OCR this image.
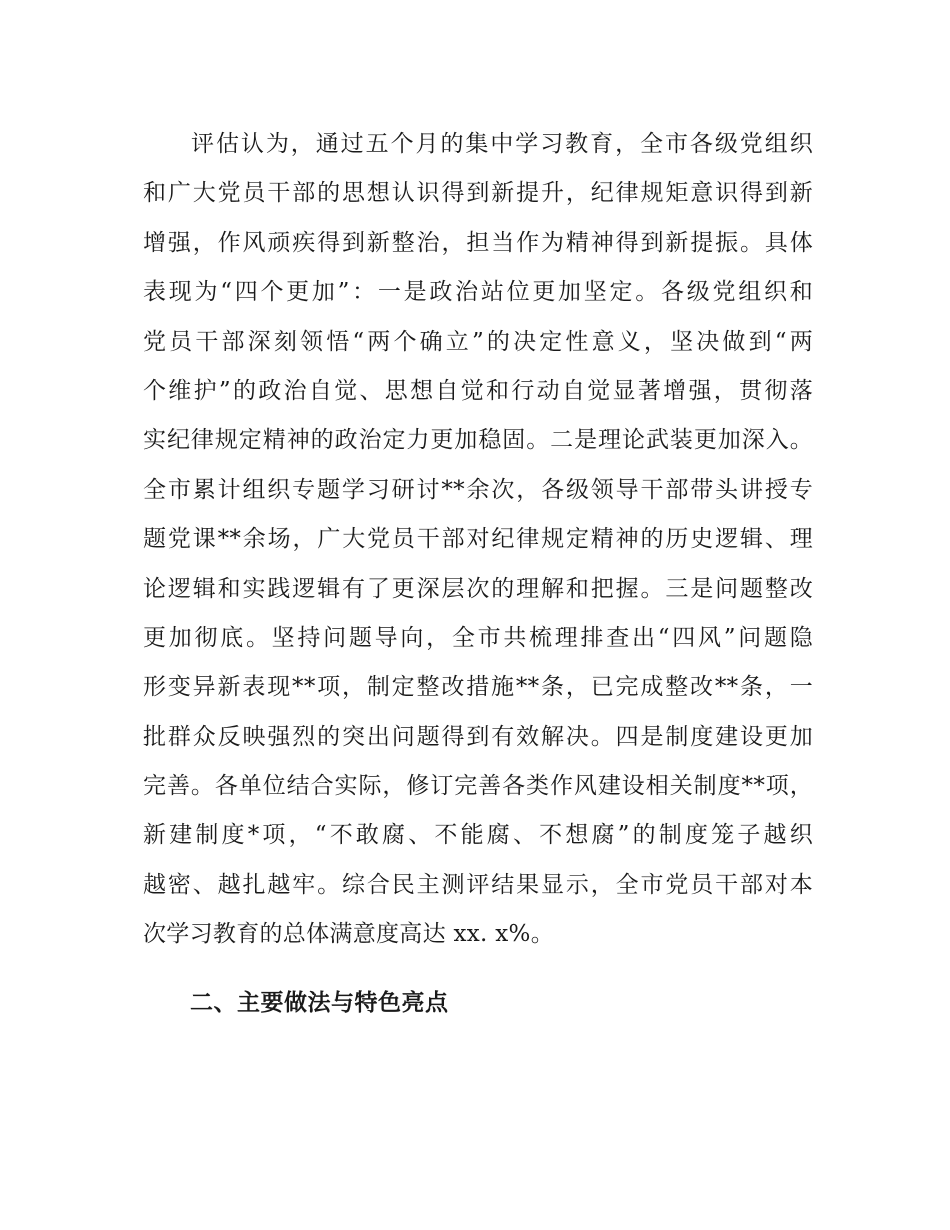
评估认为，通过五个月的集中学习教育，全市各级党组织
和广大党员干部的思想认识得到新提升，纪律规矩意识得到新
增强，作风顽疾得到新整治，担当作为精神得到新提振。具体
表现为“四个更加”：一是政治站位更加坚定。各级党组织和
党员干部深刻领悟“两个确立”的决定性意义，坚决做到“两
个维护”的政治自觉、思想自觉和行动自觉显著增强，贯彻落
实纪律规定精神的政治定力更加稳固。二是理论武装更加深入。
全市累计组织专题学习研讨**余次，各级领导干部带头讲授专
题党课**余场，广大党员干部对纪律规定精神的历史逻辑、理
论逻辑和实践逻辑有了更深层次的理解和把握。三是问题整改
更加彻底。坚持问题导向，全市共梳理排查出“四风”问题隐
形变异新表现**项，制定整改措施**条，已完成整改**条，一
批群众反映强烈的突出问题得到有效解决。四是制度建设更加
完善。各单位结合实际，修订完善各类作风建设相关制度**项，
新建制度*项，“不敢腐、不能腐、不想腐”的制度笼子越织
越密、越扎越牢。综合民主测评结果显示，全市党员干部对本
次学习教育的总体满意度高达 xx. x%。
二、主要做法与特色亮点
